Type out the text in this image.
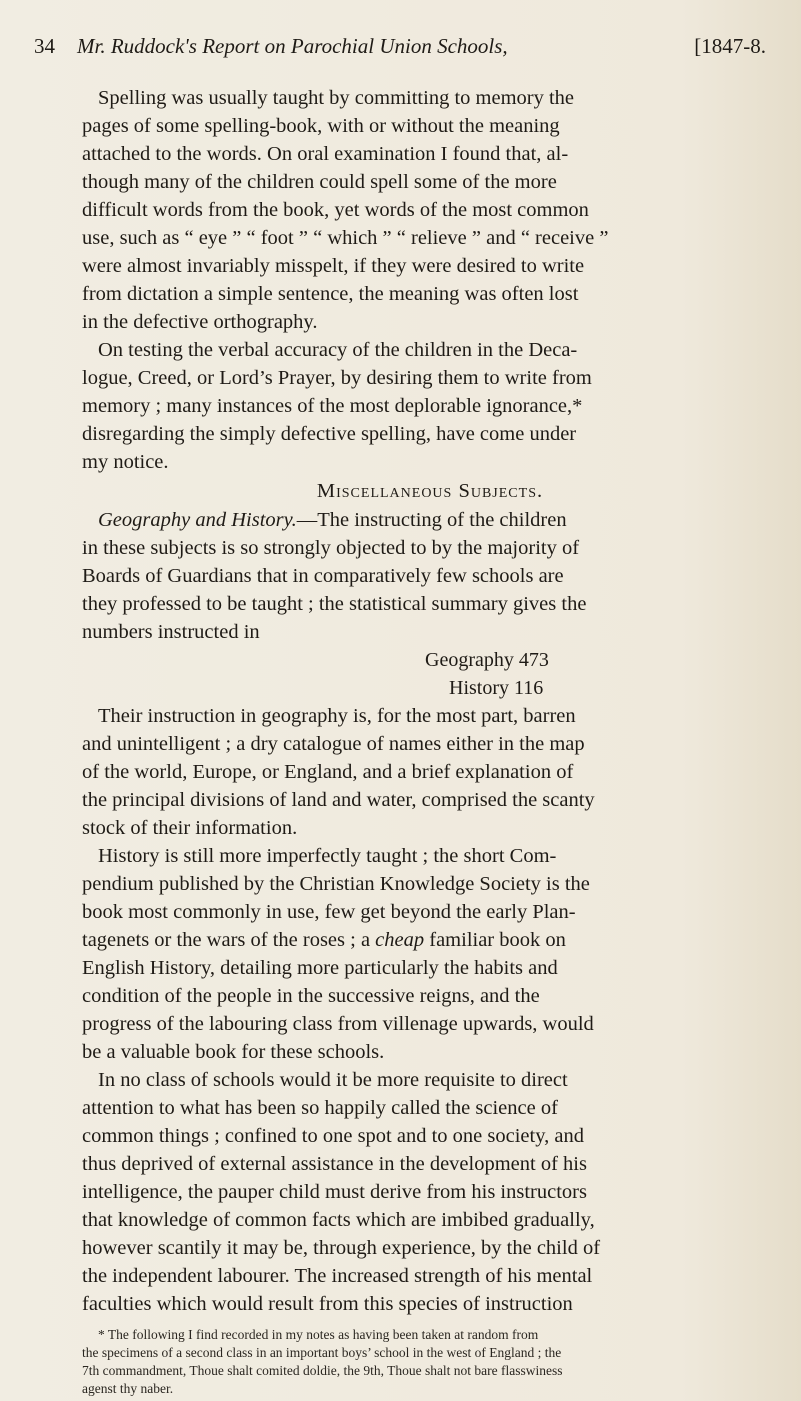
34 Mr. Ruddock's Report on Parochial Union Schools,	[1847-8.
Spelling was usually taught by committing to memory the
pages of some spelling-book, with or without the meaning
attached to the words. On oral examination I found that, al-
though many of the children could spell some of the more
difficult words from the book, yet words of the most common
use, such as “ eye ” “ foot ” “ which ” “ relieve ” and “ receive ”
were almost invariably misspelt, if they were desired to write
from dictation a simple sentence, the meaning was often lost
in the defective orthography.
On testing the verbal accuracy of the children in the Deca-
logue, Creed, or Lord’s Prayer, by desiring them to write from
memory ; many instances of the most deplorable ignorance,*
disregarding the simply defective spelling, have come under
my notice.
Miscellaneous Subjects.
Geography and History.—The instructing of the children
in these subjects is so strongly objected to by the majority of
Boards of Guardians that in comparatively few schools are
they professed to be taught ; the statistical summary gives the
numbers instructed in
Geography 473
History 116
Their instruction in geography is, for the most part, barren
and unintelligent ; a dry catalogue of names either in the map
of the world, Europe, or England, and a brief explanation of
the principal divisions of land and water, comprised the scanty
stock of their information.
History is still more imperfectly taught ; the short Com-
pendium published by the Christian Knowledge Society is the
book most commonly in use, few get beyond the early Plan-
tagenets or the wars of the roses ; a cheap familiar book on
English History, detailing more particularly the habits and
condition of the people in the successive reigns, and the
progress of the labouring class from villenage upwards, would
be a valuable book for these schools.
In no class of schools would it be more requisite to direct
attention to what has been so happily called the science of
common things ; confined to one spot and to one society, and
thus deprived of external assistance in the development of his
intelligence, the pauper child must derive from his instructors
that knowledge of common facts which are imbibed gradually,
however scantily it may be, through experience, by the child of
the independent labourer. The increased strength of his mental
faculties which would result from this species of instruction
* The following I find recorded in my notes as having been taken at random from
the specimens of a second class in an important boys’ school in the west of England ; the
7th commandment, Thoue shalt comited doldie, the 9th, Thoue shalt not bare flasswiness
agenst thy naber.
